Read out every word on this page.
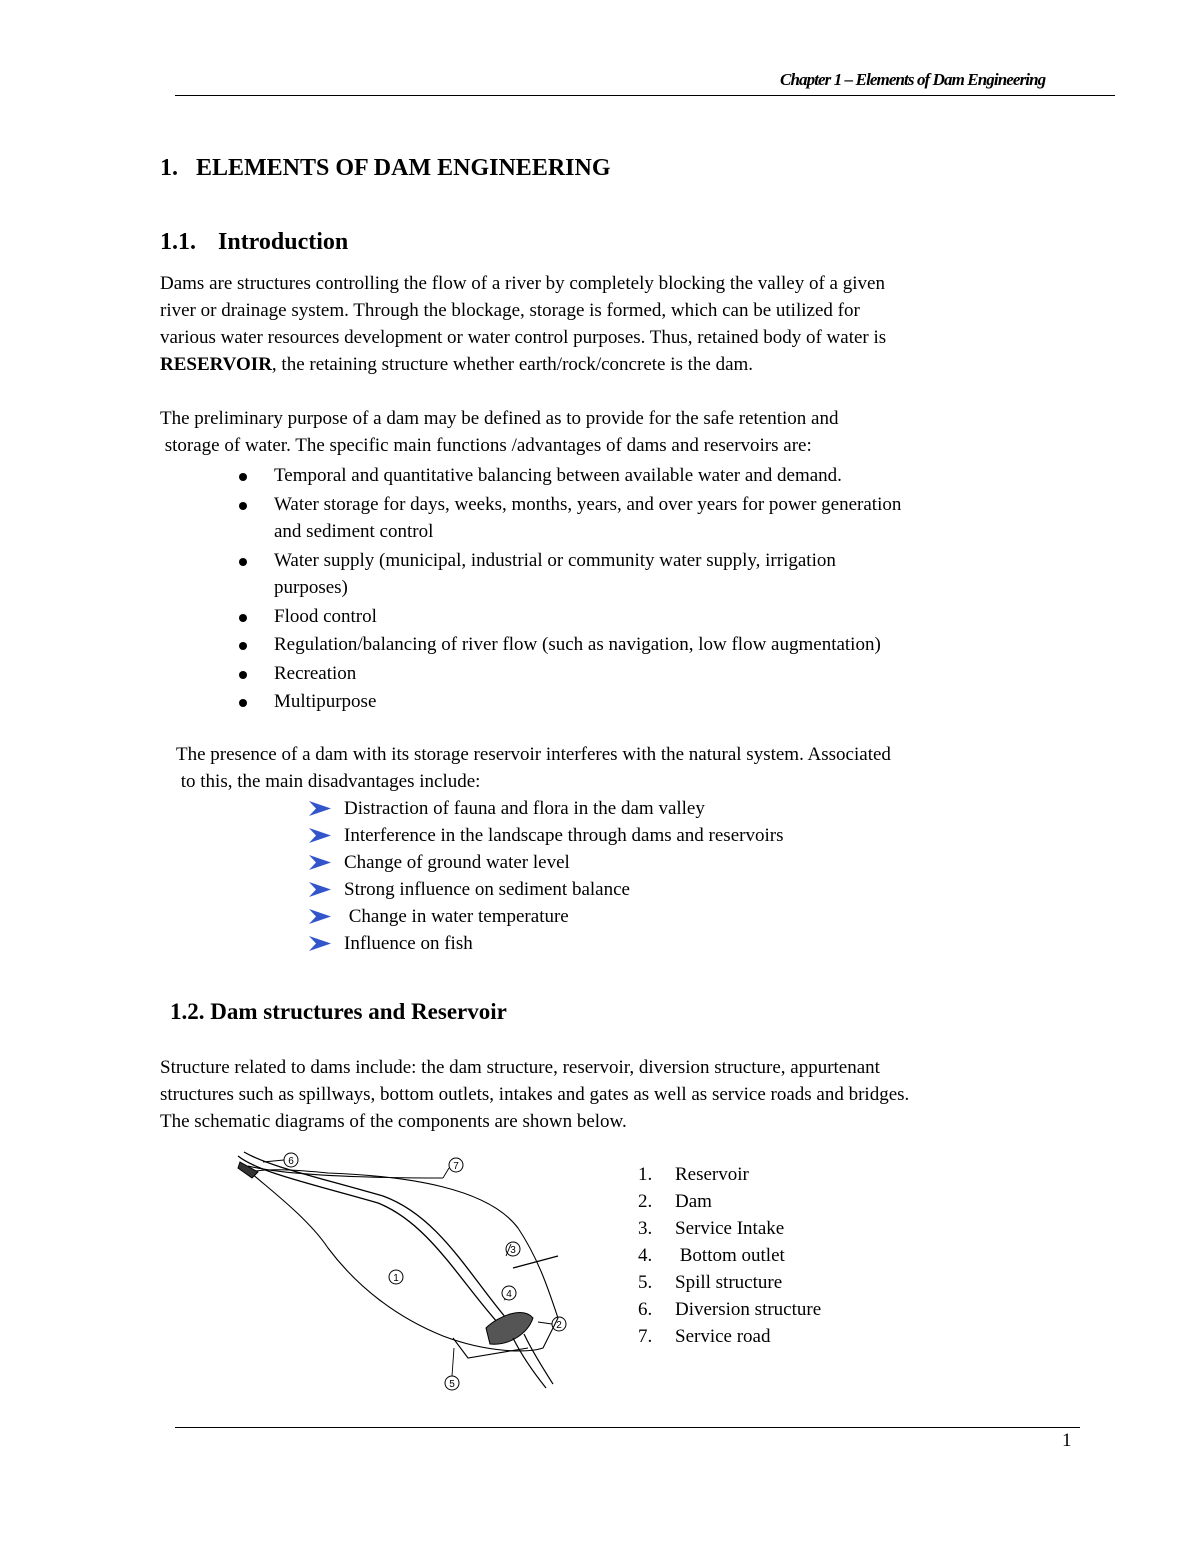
Chapter 1 – Elements of Dam Engineering
1. ELEMENTS OF DAM ENGINEERING
1.1. Introduction

Dams are structures controlling the flow of a river by completely blocking the valley of a given
river or drainage system. Through the blockage, storage is formed, which can be utilized for
various water resources development or water control purposes. Thus, retained body of water is
RESERVOIR, the retaining structure whether earth/rock/concrete is the dam.

The preliminary purpose of a dam may be defined as to provide for the safe retention and
storage of water. The specific main functions /advantages of dams and reservoirs are:

Temporal and quantitative balancing between available water and demand.
Water storage for days, weeks, months, years, and over years for power generation
and sediment control
Water supply (municipal, industrial or community water supply, irrigation
purposes)
Flood control
Regulation/balancing of river flow (such as navigation, low flow augmentation)
Recreation
Multipurpose

The presence of a dam with its storage reservoir interferes with the natural system. Associated
to this, the main disadvantages include:

Distraction of fauna and flora in the dam valley
Interference in the landscape through dams and reservoirs
Change of ground water level
Strong influence on sediment balance
Change in water temperature
Influence on fish
1.2. Dam structures and Reservoir

Structure related to dams include: the dam structure, reservoir, diversion structure, appurtenant
structures such as spillways, bottom outlets, intakes and gates as well as service roads and bridges.
The schematic diagrams of the components are shown below.

1
2
3
4
5
6	7	1. Reservoir
2. Dam
3. Service Intake
4. Bottom outlet
5. Spill structure
6. Diversion structure
7. Service road
1
